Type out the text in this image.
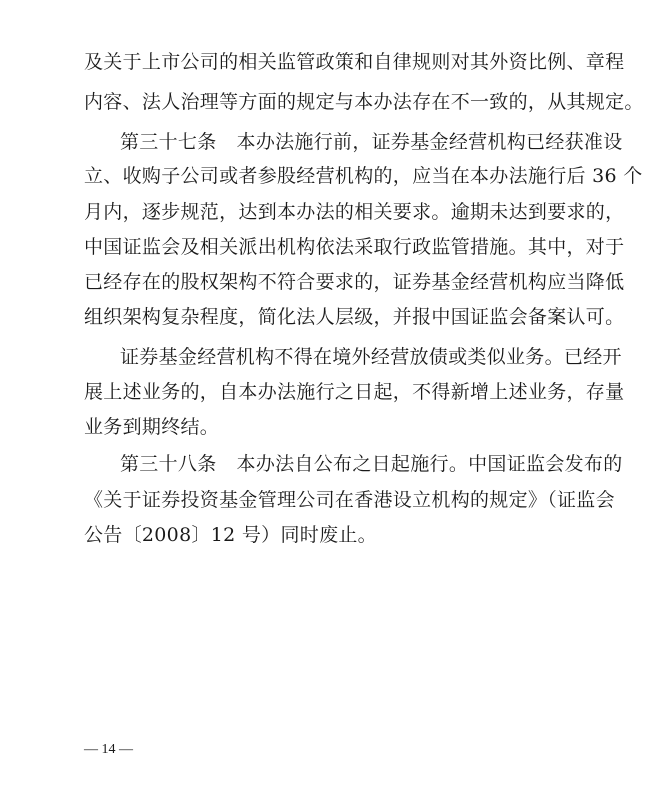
及关于上市公司的相关监管政策和自律规则对其外资比例、章程
内容、法人治理等方面的规定与本办法存在不一致的，从其规定。
第三十七条 本办法施行前，证券基金经营机构已经获准设
立、收购子公司或者参股经营机构的，应当在本办法施行后 36 个
月内，逐步规范，达到本办法的相关要求。逾期未达到要求的，
中国证监会及相关派出机构依法采取行政监管措施。其中，对于
已经存在的股权架构不符合要求的，证券基金经营机构应当降低
组织架构复杂程度，简化法人层级，并报中国证监会备案认可。
证券基金经营机构不得在境外经营放债或类似业务。已经开
展上述业务的，自本办法施行之日起，不得新增上述业务，存量
业务到期终结。
第三十八条 本办法自公布之日起施行。中国证监会发布的
《关于证券投资基金管理公司在香港设立机构的规定》（证监会
公告〔2008〕12 号）同时废止。
— 14 —
